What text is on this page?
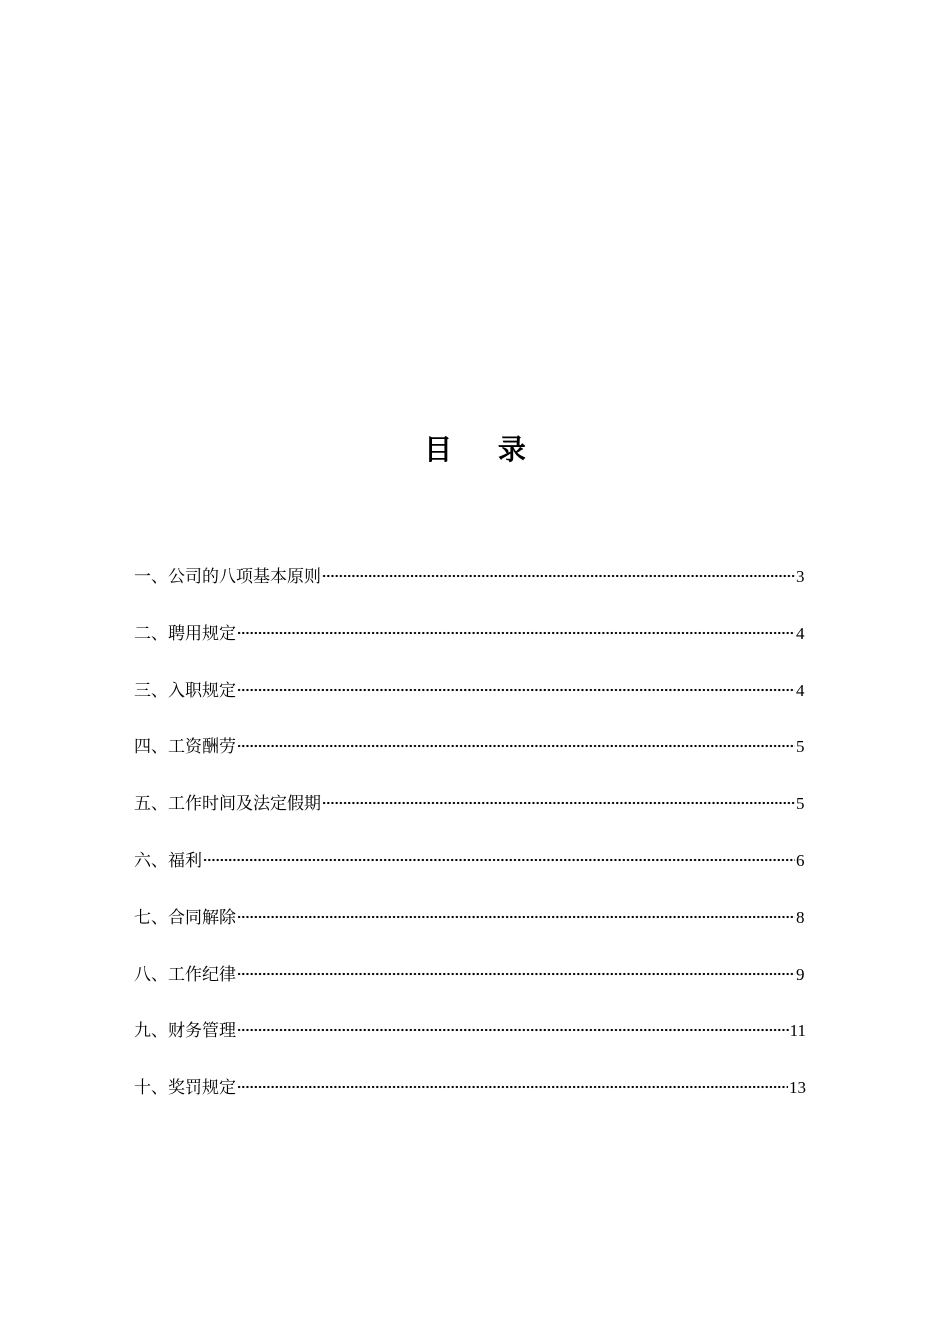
目 录
一、公司的八项基本原则	3
二、聘用规定	4
三、入职规定	4
四、工资酬劳	5
五、工作时间及法定假期	5
六、福利	6
七、合同解除	8
八、工作纪律	9
九、财务管理	11
十、奖罚规定	13
